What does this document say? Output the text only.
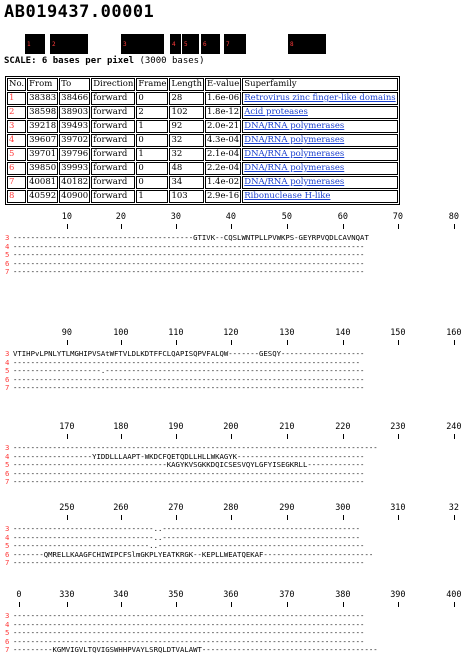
AB019437.00001
1	2	3	4 5	6	7	8
SCALE: 6 bases per pixel (3000 bases)
No.	From	To	Direction	Frame	Length	E-value	Superfamily
1	38383	38466	forward	0	28	1.6e-06	Retrovirus zinc finger-like domains
2	38598	38903	forward	2	102	1.8e-12	Acid proteases
3	39218	39493	forward	1	92	2.0e-21	DNA/RNA polymerases
4	39607	39702	forward	0	32	4.3e-04	DNA/RNA polymerases
5	39701	39796	forward	1	32	2.1e-04	DNA/RNA polymerases
6	39850	39993	forward	0	48	2.2e-04	DNA/RNA polymerases
7	40081	40182	forward	0	34	1.4e-02	DNA/RNA polymerases
8	40592	40900	forward	1	103	2.9e-16	Ribonuclease H-like
10	20	30	40	50	60	70	80
3 -----------------------------------------GTIVK--CQSLWNTPLLPVWKPS-GEYRPVQDLCAVNQAT
4 --------------------------------------------------------------------------------
5 --------------------------------------------------------------------------------
6 --------------------------------------------------------------------------------
7 --------------------------------------------------------------------------------
90	100	110	120	130	140	150	160
3 VTIHPvLPNLYTLMGHIPVSAtWFTVLDLKDTFFCLQAPISQPVFALQW-------GESQY-------------------
4 -------------------------------------------------------------------------------
5 --------------------.-----------------------------------------------------------
6 --------------------------------------------------------------------------------
7 --------------------------------------------------------------------------------
170	180	190	200	210	220	230	240
3 -----------------------------------------------------------------------------------
4 ------------------YIDDLLLAAPT-WKDCFQETQDLLHLLWKAGYK-----------------------------
5 -----------------------------------KAGYKVSGKKDQICSESVQYLGFYISEGKRLL-------------
6 --------------------------------------------------------------------------------
7 --------------------------------------------------------------------------------
250	260	270	280	290	300	310	32
3 --------------------------------..---------------------------------------------
4 --------------------------------..---------------------------------------------
5 -------------------------------..-----------------------------------------------
6 -------QMRELLKAAGFCHIWIPCFSlmGKPLYEATKRGK--KEPLLWEATQEKAF-------------------------
7 --------------------------------------------------------------------------------
0	330	340	350	360	370	380	390	400
3 --------------------------------------------------------------------------------
4 --------------------------------------------------------------------------------
5 --------------------------------------------------------------------------------
6 --------------------------------------------------------------------------------
7 ---------KGMVIGVLTQVIGSWHHPVAYLSRQLDTVALAWT----------------------------------------
